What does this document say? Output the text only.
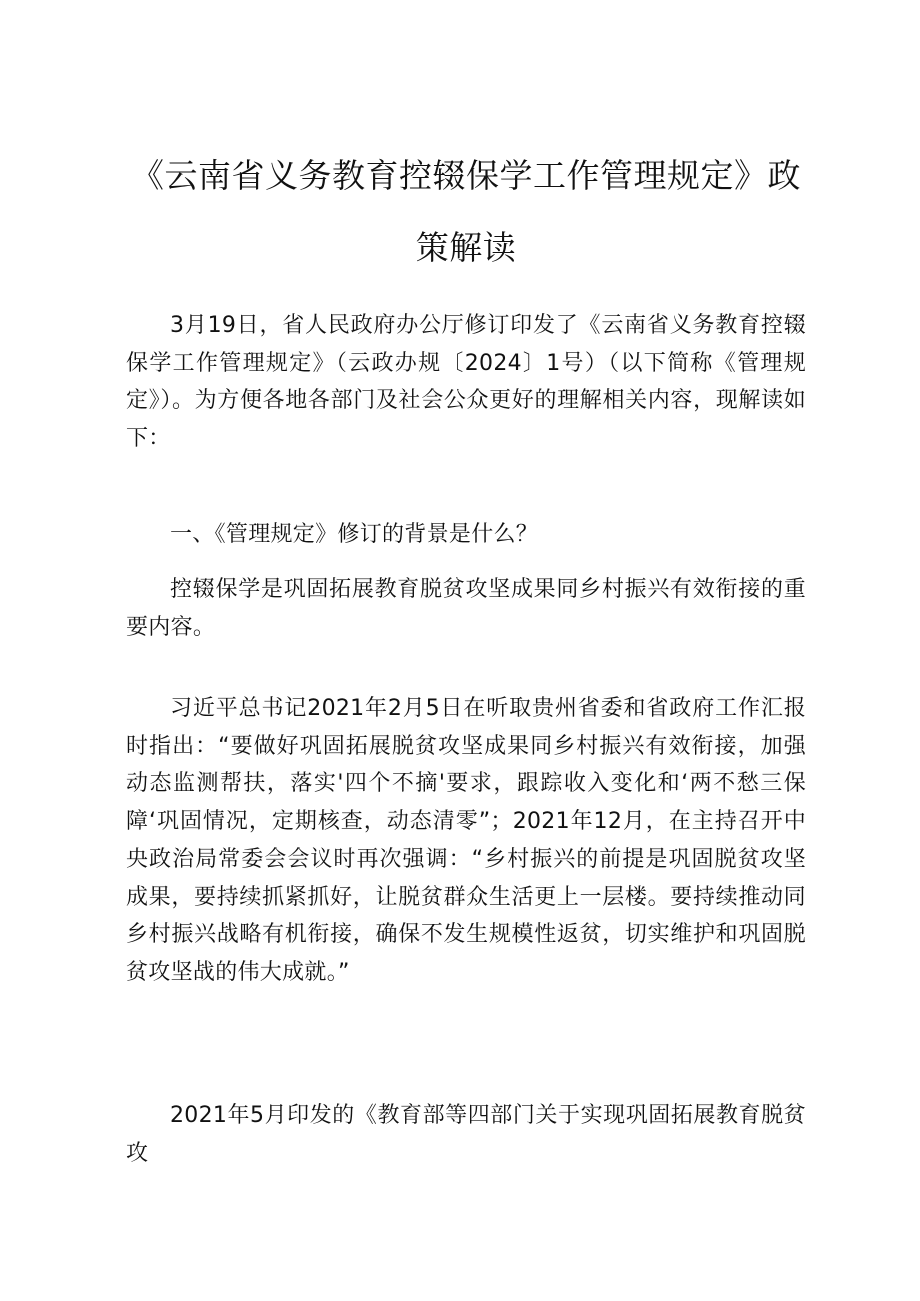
《云南省义务教育控辍保学工作管理规定》政策解读

3月19日，省人民政府办公厅修订印发了《云南省义务教育控辍保学工作管理规定》（云政办规〔2024〕1号）（以下简称《管理规定》）。为方便各地各部门及社会公众更好的理解相关内容，现解读如下：

一、《管理规定》修订的背景是什么？

控辍保学是巩固拓展教育脱贫攻坚成果同乡村振兴有效衔接的重要内容。

习近平总书记2021年2月5日在听取贵州省委和省政府工作汇报时指出：“要做好巩固拓展脱贫攻坚成果同乡村振兴有效衔接，加强动态监测帮扶，落实'四个不摘'要求，跟踪收入变化和‘两不愁三保障‘巩固情况，定期核查，动态清零”；2021年12月，在主持召开中央政治局常委会会议时再次强调：“乡村振兴的前提是巩固脱贫攻坚成果，要持续抓紧抓好，让脱贫群众生活更上一层楼。要持续推动同乡村振兴战略有机衔接，确保不发生规模性返贫，切实维护和巩固脱贫攻坚战的伟大成就。”

2021年5月印发的《教育部等四部门关于实现巩固拓展教育脱贫攻
